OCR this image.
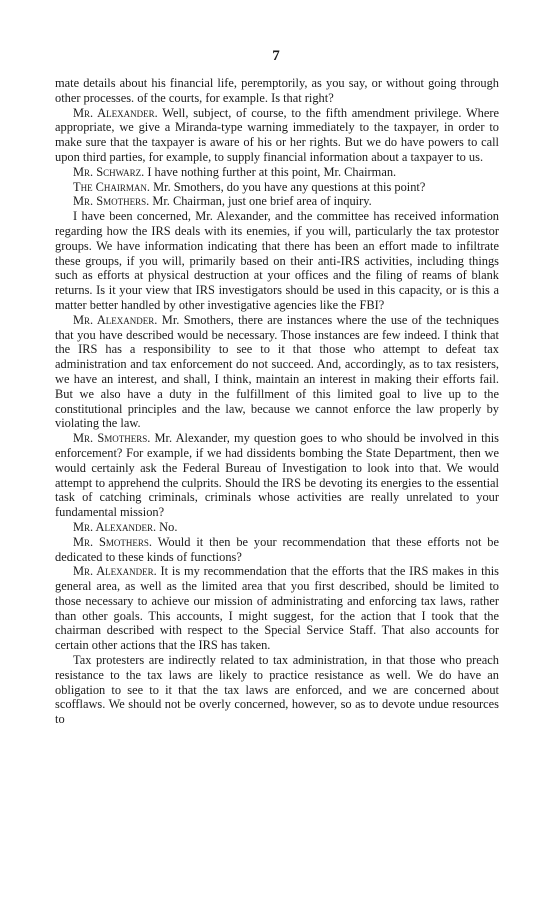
7

mate details about his financial life, peremptorily, as you say, or without going through other processes. of the courts, for example. Is that right?

Mr. Alexander. Well, subject, of course, to the fifth amendment privilege. Where appropriate, we give a Miranda-type warning immediately to the taxpayer, in order to make sure that the taxpayer is aware of his or her rights. But we do have powers to call upon third parties, for example, to supply financial information about a taxpayer to us.

Mr. Schwarz. I have nothing further at this point, Mr. Chairman.

The Chairman. Mr. Smothers, do you have any questions at this point?

Mr. Smothers. Mr. Chairman, just one brief area of inquiry.

I have been concerned, Mr. Alexander, and the committee has received information regarding how the IRS deals with its enemies, if you will, particularly the tax protestor groups. We have information indicating that there has been an effort made to infiltrate these groups, if you will, primarily based on their anti-IRS activities, including things such as efforts at physical destruction at your offices and the filing of reams of blank returns. Is it your view that IRS investigators should be used in this capacity, or is this a matter better handled by other investigative agencies like the FBI?

Mr. Alexander. Mr. Smothers, there are instances where the use of the techniques that you have described would be necessary. Those instances are few indeed. I think that the IRS has a responsibility to see to it that those who attempt to defeat tax administration and tax enforcement do not succeed. And, accordingly, as to tax resisters, we have an interest, and shall, I think, maintain an interest in making their efforts fail. But we also have a duty in the fulfillment of this limited goal to live up to the constitutional principles and the law, because we cannot enforce the law properly by violating the law.

Mr. Smothers. Mr. Alexander, my question goes to who should be involved in this enforcement? For example, if we had dissidents bombing the State Department, then we would certainly ask the Federal Bureau of Investigation to look into that. We would attempt to apprehend the culprits. Should the IRS be devoting its energies to the essential task of catching criminals, criminals whose activities are really unrelated to your fundamental mission?

Mr. Alexander. No.

Mr. Smothers. Would it then be your recommendation that these efforts not be dedicated to these kinds of functions?

Mr. Alexander. It is my recommendation that the efforts that the IRS makes in this general area, as well as the limited area that you first described, should be limited to those necessary to achieve our mission of administrating and enforcing tax laws, rather than other goals. This accounts, I might suggest, for the action that I took that the chairman described with respect to the Special Service Staff. That also accounts for certain other actions that the IRS has taken.

Tax protesters are indirectly related to tax administration, in that those who preach resistance to the tax laws are likely to practice resistance as well. We do have an obligation to see to it that the tax laws are enforced, and we are concerned about scofflaws. We should not be overly concerned, however, so as to devote undue resources to
